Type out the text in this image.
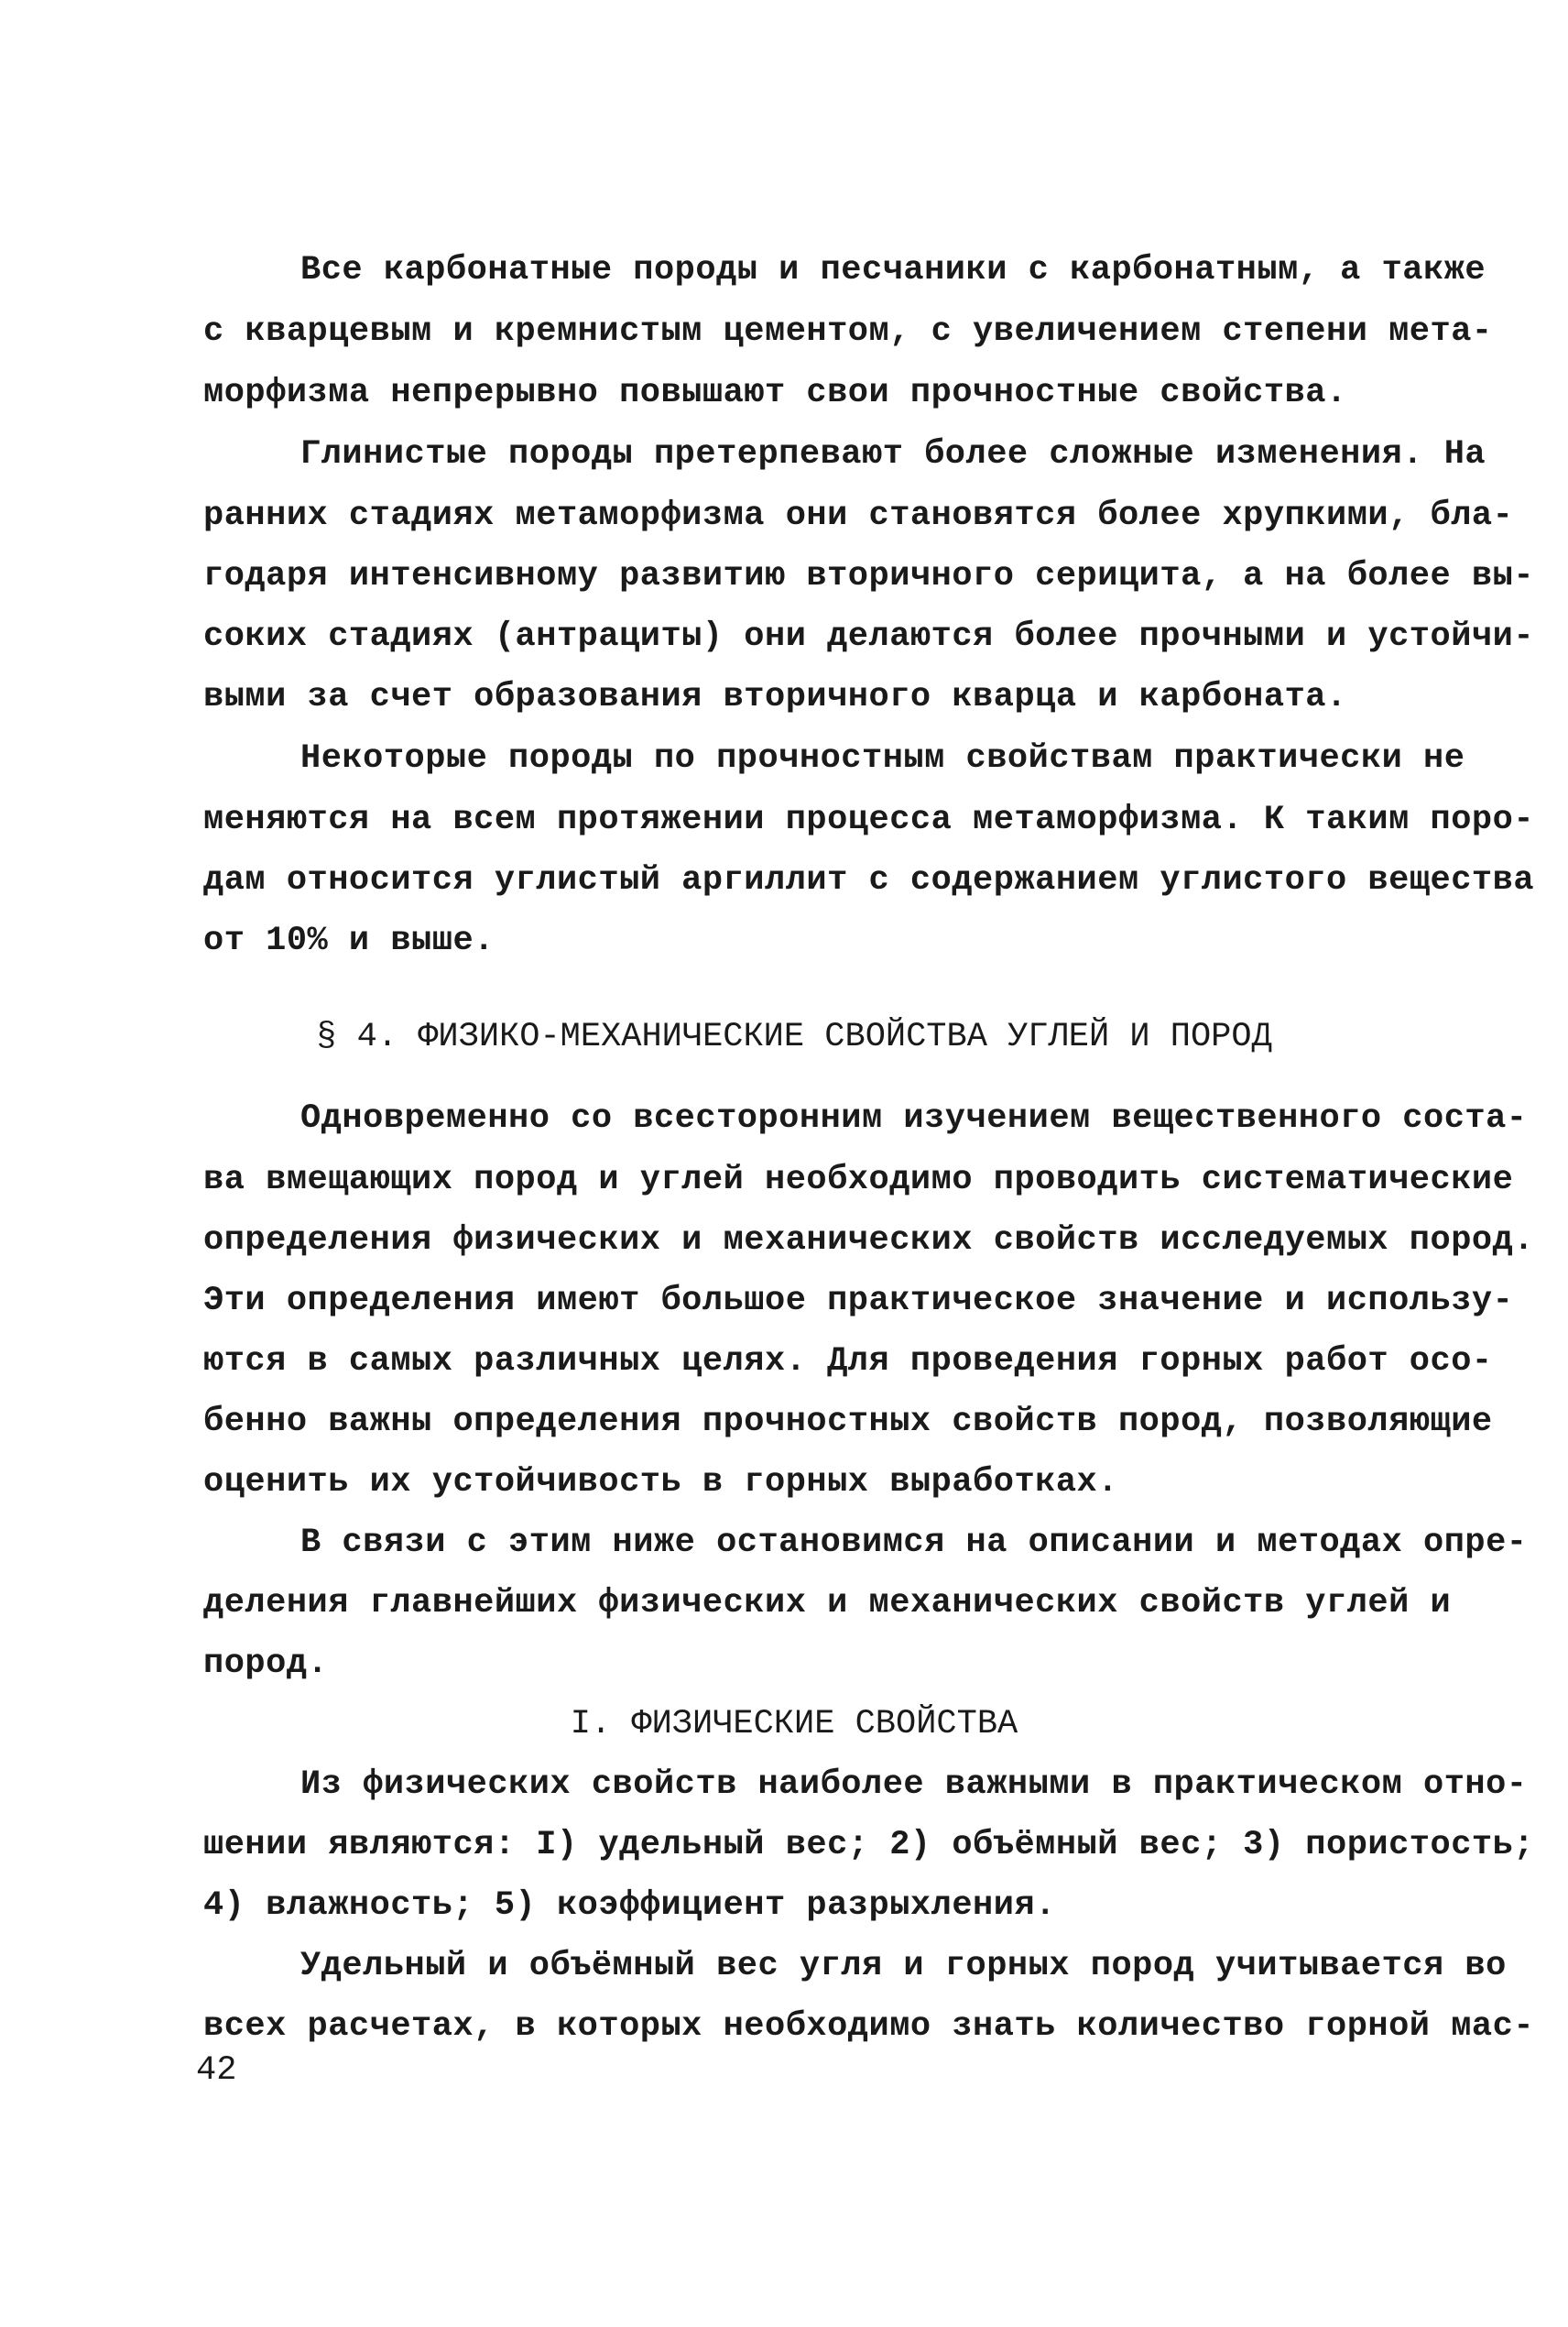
Все карбонатные породы и песчаники с карбонатным, а также
с кварцевым и кремнистым цементом, с увеличением степени мета-
морфизма непрерывно повышают свои прочностные свойства.
Глинистые породы претерпевают более сложные изменения. На
ранних стадиях метаморфизма они становятся более хрупкими, бла-
годаря интенсивному развитию вторичного серицита, а на более вы-
соких стадиях (антрациты) они делаются более прочными и устойчи-
выми за счет образования вторичного кварца и карбоната.
Некоторые породы по прочностным свойствам практически не
меняются на всем протяжении процесса метаморфизма. К таким поро-
дам относится углистый аргиллит с содержанием углистого вещества
от 10% и выше.
§ 4. ФИЗИКО-МЕХАНИЧЕСКИЕ СВОЙСТВА УГЛЕЙ И ПОРОД
Одновременно со всесторонним изучением вещественного соста-
ва вмещающих пород и углей необходимо проводить систематические
определения физических и механических свойств исследуемых пород.
Эти определения имеют большое практическое значение и использу-
ются в самых различных целях. Для проведения горных работ осо-
бенно важны определения прочностных свойств пород, позволяющие
оценить их устойчивость в горных выработках.
В связи с этим ниже остановимся на описании и методах опре-
деления главнейших физических и механических свойств углей и
пород.
I. ФИЗИЧЕСКИЕ СВОЙСТВА
Из физических свойств наиболее важными в практическом отно-
шении являются: I) удельный вес; 2) объёмный вес; 3) пористость;
4) влажность; 5) коэффициент разрыхления.
Удельный и объёмный вес угля и горных пород учитывается во
всех расчетах, в которых необходимо знать количество горной мас-
42
